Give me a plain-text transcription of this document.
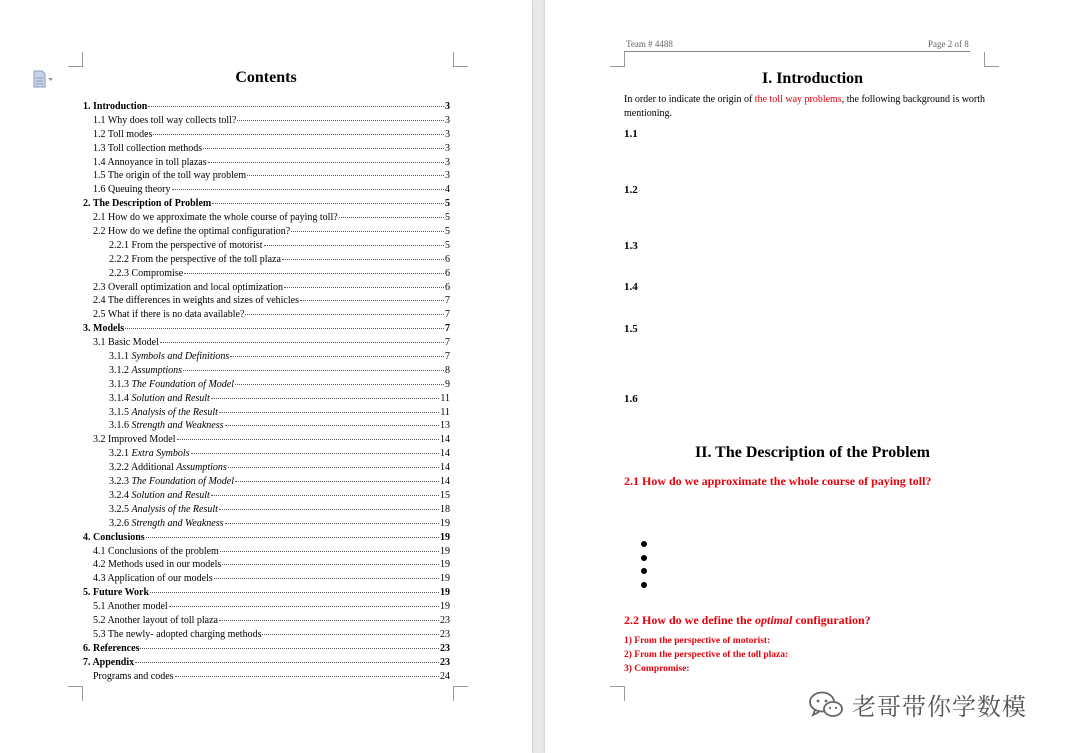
Contents
1. Introduction	3
1.1 Why does toll way collects toll?	3
1.2 Toll modes	3
1.3 Toll collection methods	3
1.4 Annoyance in toll plazas	3
1.5 The origin of the toll way problem	3
1.6 Queuing theory	4
2. The Description of Problem	5
2.1 How do we approximate the whole course of paying toll?	5
2.2 How do we define the optimal configuration?	5
2.2.1 From the perspective of motorist	5
2.2.2 From the perspective of the toll plaza	6
2.2.3 Compromise	6
2.3 Overall optimization and local optimization	6
2.4 The differences in weights and sizes of vehicles	7
2.5 What if there is no data available?	7
3. Models	7
3.1 Basic Model	7
3.1.1 Symbols and Definitions	7
3.1.2 Assumptions	8
3.1.3 The Foundation of Model	9
3.1.4 Solution and Result	11
3.1.5 Analysis of the Result	11
3.1.6 Strength and Weakness	13
3.2 Improved Model	14
3.2.1 Extra Symbols	14
3.2.2 Additional Assumptions	14
3.2.3 The Foundation of Model	14
3.2.4 Solution and Result	15
3.2.5 Analysis of the Result	18
3.2.6 Strength and Weakness	19
4. Conclusions	19
4.1 Conclusions of the problem	19
4.2 Methods used in our models	19
4.3 Application of our models	19
5. Future Work	19
5.1 Another model	19
5.2 Another layout of toll plaza	23
5.3 The newly- adopted charging methods	23
6. References	23
7. Appendix	23
Programs and codes	24
Team # 4488	Page 2 of 8
I. Introduction
In order to indicate the origin of the toll way problems, the following background is worth mentioning.
1.1
1.2
1.3
1.4
1.5
1.6
II. The Description of the Problem
2.1 How do we approximate the whole course of paying toll?
2.2 How do we define the optimal configuration?
1) From the perspective of motorist:
2) From the perspective of the toll plaza:
3) Compromise:
老哥带你学数模
